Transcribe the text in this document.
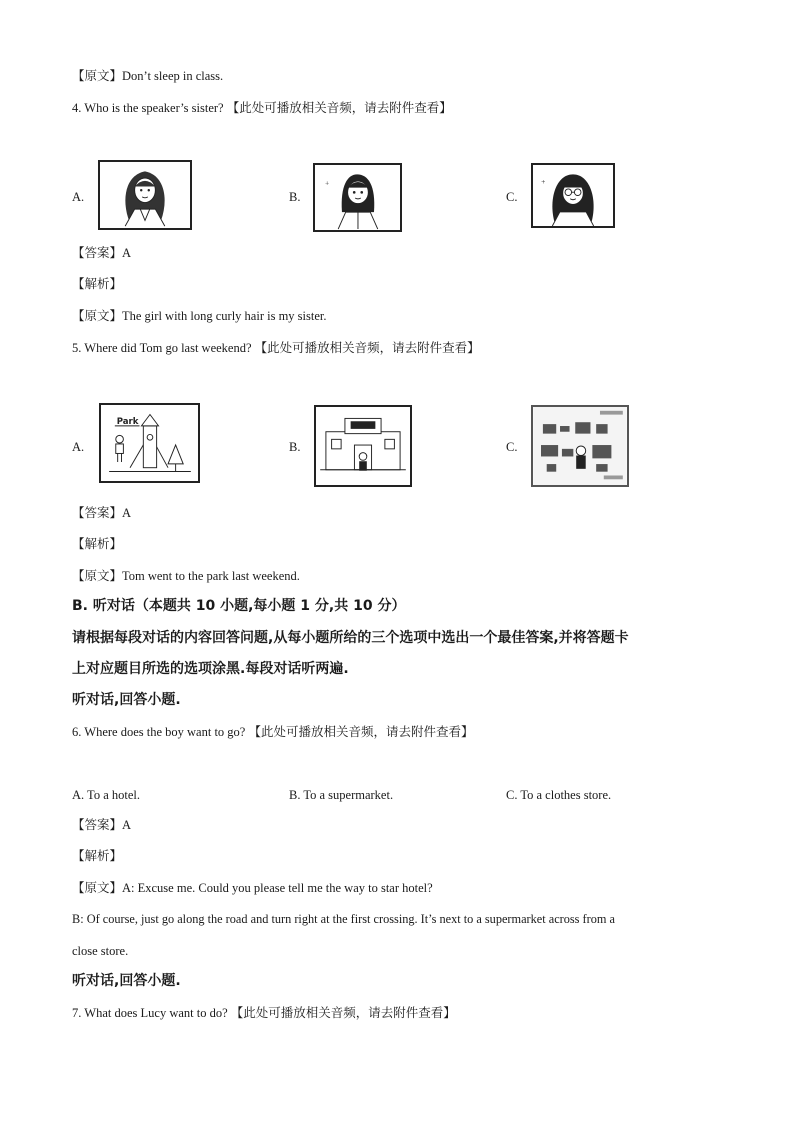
【原文】Don’t sleep in class.
4. Who is the speaker’s sister? 【此处可播放相关音频，请去附件查看】
A.	B.
+
C.
+
【答案】A
【解析】
【原文】The girl with long curly hair is my sister.
5. Where did Tom go last weekend? 【此处可播放相关音频，请去附件查看】
A.
Park
B.	C.
【答案】A
【解析】
【原文】Tom went to the park last weekend.
B. 听对话（本题共 10 小题,每小题 1 分,共 10 分）
请根据每段对话的内容回答问题,从每小题所给的三个选项中选出一个最佳答案,并将答题卡
上对应题目所选的选项涂黑.每段对话听两遍.
听对话,回答小题.
6. Where does the boy want to go? 【此处可播放相关音频，请去附件查看】
A. To a hotel.	B. To a supermarket.	C. To a clothes store.
【答案】A
【解析】
【原文】A: Excuse me. Could you please tell me the way to star hotel?
B: Of course, just go along the road and turn right at the first crossing. It’s next to a supermarket across from a
close store.
听对话,回答小题.
7. What does Lucy want to do? 【此处可播放相关音频，请去附件查看】
